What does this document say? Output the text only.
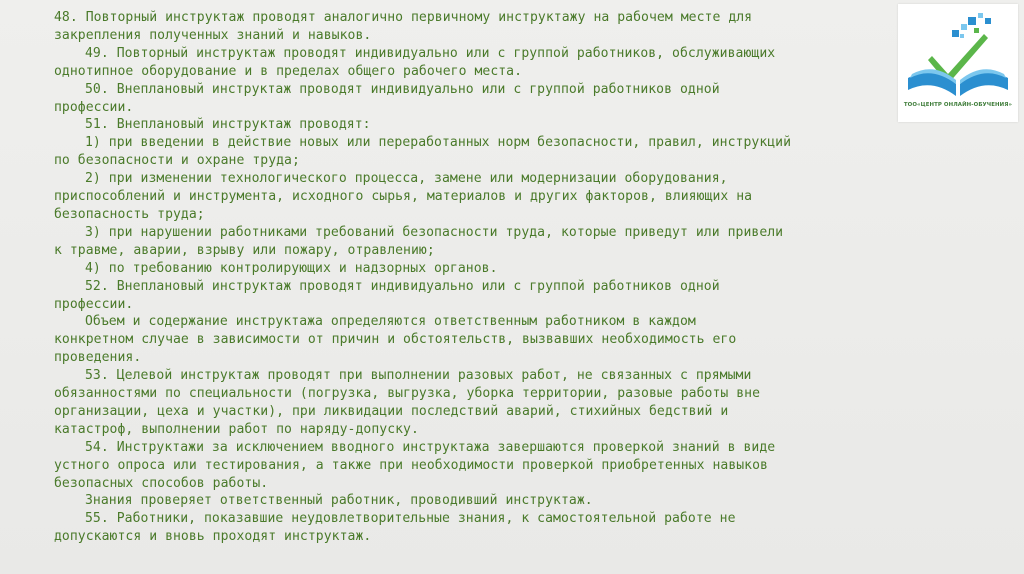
48. Повторный инструктаж проводят аналогично первичному инструктажу на рабочем месте для
закрепления полученных знаний и навыков.

49. Повторный инструктаж проводят индивидуально или с группой работников, обслуживающих

однотипное оборудование и в пределах общего рабочего места.

50. Внеплановый инструктаж проводят индивидуально или с группой работников одной

профессии.

51. Внеплановый инструктаж проводят:

1) при введении в действие новых или переработанных норм безопасности, правил, инструкций

по безопасности и охране труда;

2) при изменении технологического процесса, замене или модернизации оборудования,

приспособлений и инструмента, исходного сырья, материалов и других факторов, влияющих на
безопасность труда;

3) при нарушении работниками требований безопасности труда, которые приведут или привели

к травме, аварии, взрыву или пожару, отравлению;

4) по требованию контролирующих и надзорных органов.

52. Внеплановый инструктаж проводят индивидуально или с группой работников одной

профессии.

Объем и содержание инструктажа определяются ответственным работником в каждом

конкретном случае в зависимости от причин и обстоятельств, вызвавших необходимость его
проведения.

53. Целевой инструктаж проводят при выполнении разовых работ, не связанных с прямыми

обязанностями по специальности (погрузка, выгрузка, уборка территории, разовые работы вне
организации, цеха и участки), при ликвидации последствий аварий, стихийных бедствий и
катастроф, выполнении работ по наряду-допуску.

54. Инструктажи за исключением вводного инструктажа завершаются проверкой знаний в виде

устного опроса или тестирования, а также при необходимости проверкой приобретенных навыков
безопасных способов работы.

Знания проверяет ответственный работник, проводивший инструктаж.

55. Работники, показавшие неудовлетворительные знания, к самостоятельной работе не

допускаются и вновь проходят инструктаж.

ТОО«ЦЕНТР ОНЛАЙН-ОБУЧЕНИЯ»
